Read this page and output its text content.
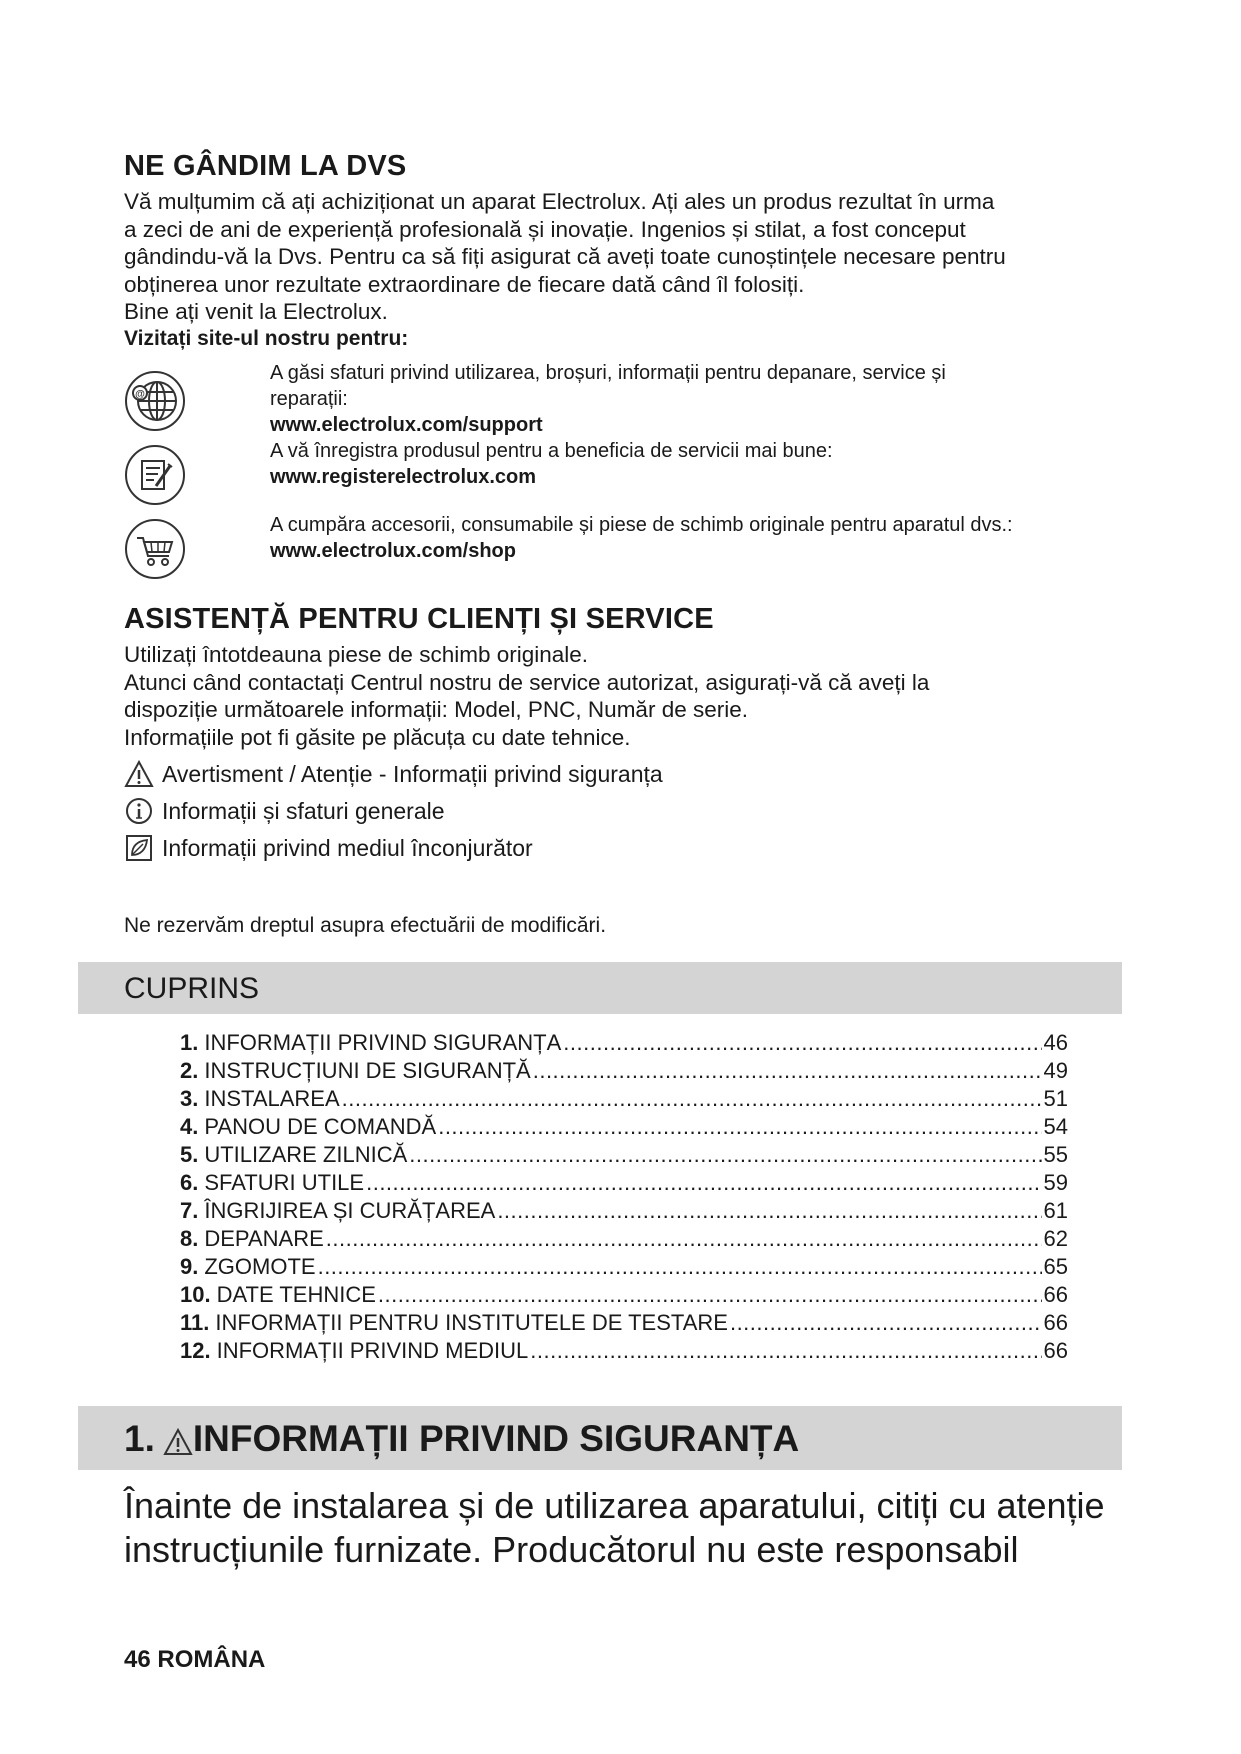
NE GÂNDIM LA DVS

Vă mulțumim că ați achiziționat un aparat Electrolux. Ați ales un produs rezultat în urma

a zeci de ani de experiență profesională și inovație. Ingenios și stilat, a fost conceput

gândindu-vă la Dvs. Pentru ca să fiți asigurat că aveți toate cunoștințele necesare pentru

obținerea unor rezultate extraordinare de fiecare dată când îl folosiți.

Bine ați venit la Electrolux.

Vizitați site-ul nostru pentru:
@
A găsi sfaturi privind utilizarea, broșuri, informații pentru depanare, service și
reparații:
www.electrolux.com/support
A vă înregistra produsul pentru a beneficia de servicii mai bune:
www.registerelectrolux.com
A cumpăra accesorii, consumabile și piese de schimb originale pentru aparatul dvs.:
www.electrolux.com/shop
ASISTENȚĂ PENTRU CLIENȚI ȘI SERVICE

Utilizați întotdeauna piese de schimb originale.

Atunci când contactați Centrul nostru de service autorizat, asigurați-vă că aveți la

dispoziție următoarele informații: Model, PNC, Număr de serie.

Informațiile pot fi găsite pe plăcuța cu date tehnice.

Avertisment / Atenție - Informații privind siguranța
Informații și sfaturi generale
Informații privind mediul înconjurător
Ne rezervăm dreptul asupra efectuării de modificări.
CUPRINS
1. INFORMAȚII PRIVIND SIGURANȚA .....	46
2. INSTRUCȚIUNI DE SIGURANȚĂ .....	49
3. INSTALAREA .....	51
4. PANOU DE COMANDĂ .....	54
5. UTILIZARE ZILNICĂ .....	55
6. SFATURI UTILE .....	59
7. ÎNGRIJIREA ȘI CURĂȚAREA .....	61
8. DEPANARE .....	62
9. ZGOMOTE .....	65
10. DATE TEHNICE .....	66
11. INFORMAȚII PENTRU INSTITUTELE DE TESTARE .....	66
12. INFORMAȚII PRIVIND MEDIUL .....	66
1. INFORMAȚII PRIVIND SIGURANȚA
Înainte de instalarea și de utilizarea aparatului, citiți cu atenție
instrucțiunile furnizate. Producătorul nu este responsabil
46 ROMÂNA
